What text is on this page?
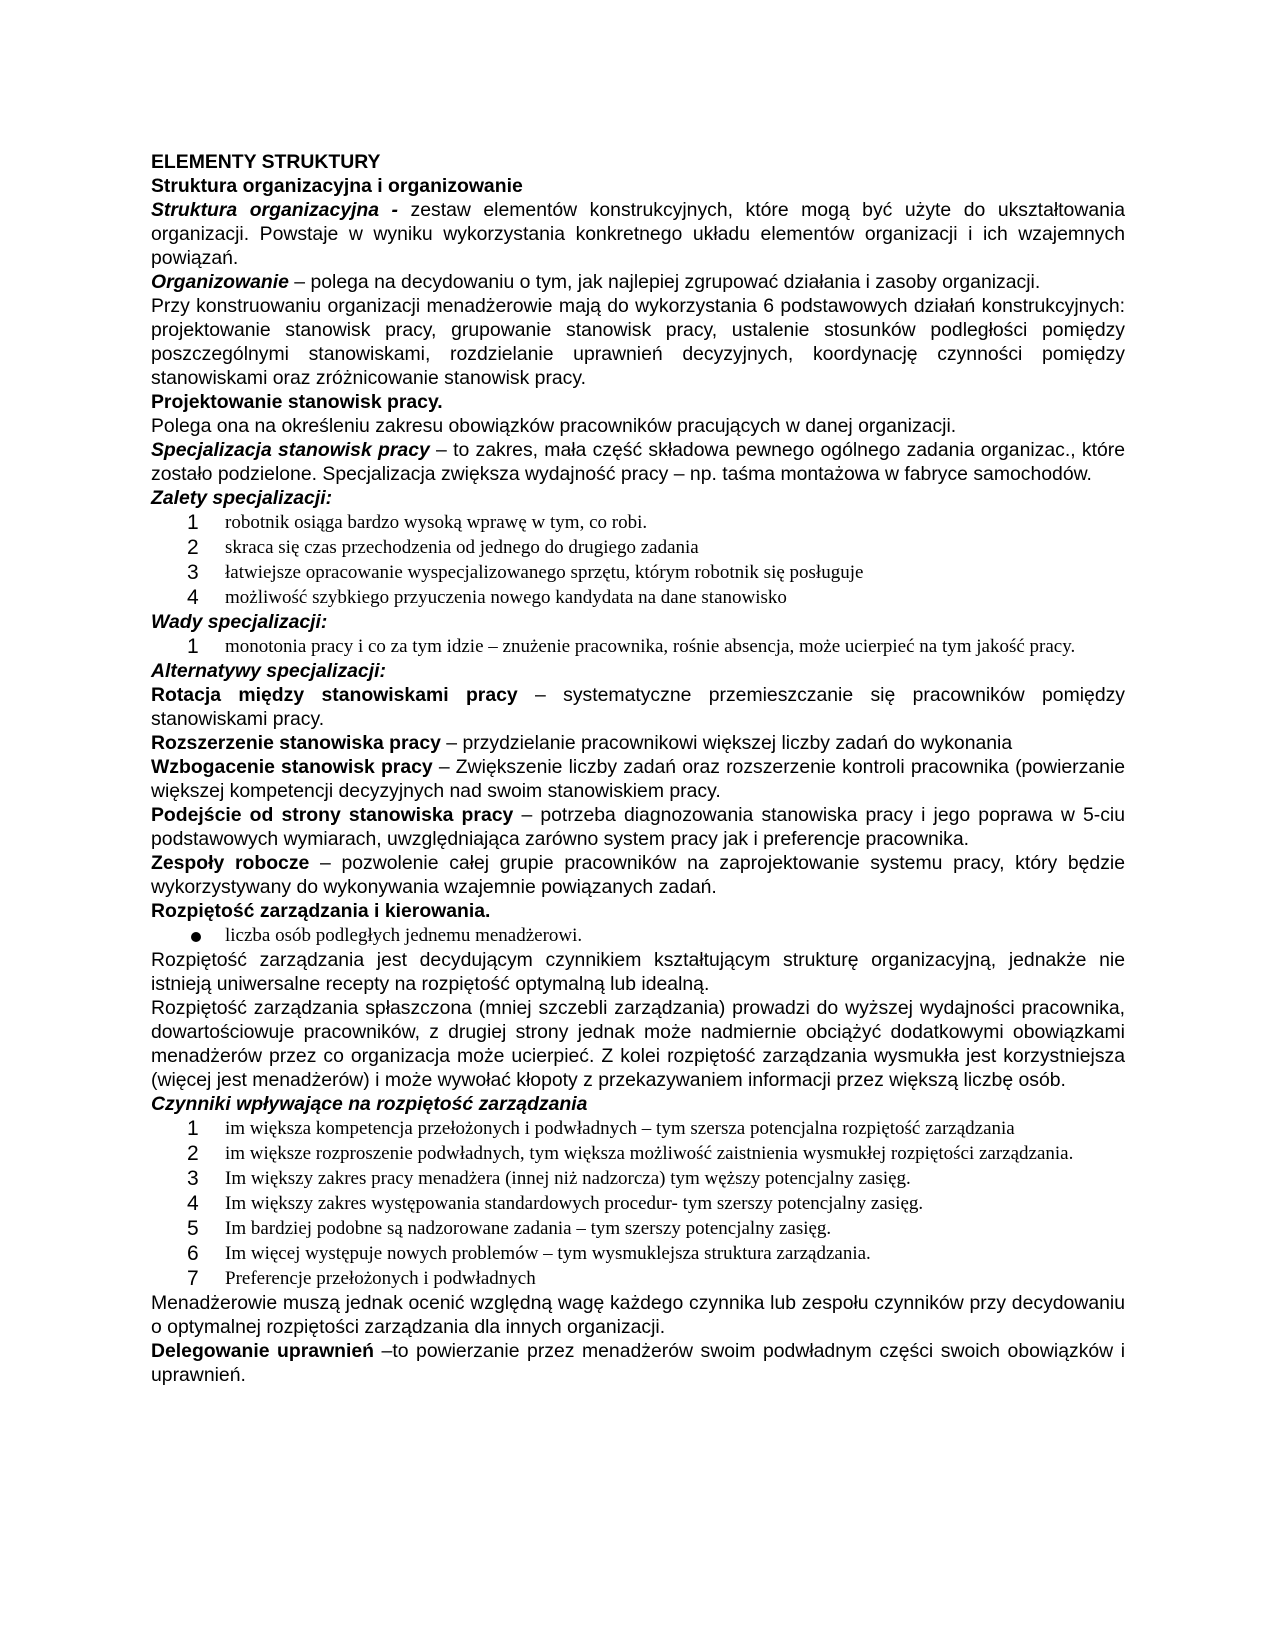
ELEMENTY STRUKTURY

Struktura organizacyjna i organizowanie

Struktura organizacyjna - zestaw elementów konstrukcyjnych, które mogą być użyte do ukształtowania organizacji. Powstaje w wyniku wykorzystania konkretnego układu elementów organizacji i ich wzajemnych powiązań.

Organizowanie – polega na decydowaniu o tym, jak najlepiej zgrupować działania i zasoby organizacji.

Przy konstruowaniu organizacji menadżerowie mają do wykorzystania 6 podstawowych działań konstrukcyjnych: projektowanie stanowisk pracy, grupowanie stanowisk pracy, ustalenie stosunków podległości pomiędzy poszczególnymi stanowiskami, rozdzielanie uprawnień decyzyjnych, koordynację czynności pomiędzy stanowiskami oraz zróżnicowanie stanowisk pracy.

Projektowanie stanowisk pracy.

Polega ona na określeniu zakresu obowiązków pracowników pracujących w danej organizacji.

Specjalizacja stanowisk pracy – to zakres, mała część składowa pewnego ogólnego zadania organizac., które zostało podzielone. Specjalizacja zwiększa wydajność pracy – np. taśma montażowa w fabryce samochodów.

Zalety specjalizacji:

1 robotnik osiąga bardzo wysoką wprawę w tym, co robi.
2 skraca się czas przechodzenia od jednego do drugiego zadania
3 łatwiejsze opracowanie wyspecjalizowanego sprzętu, którym robotnik się posługuje
4 możliwość szybkiego przyuczenia nowego kandydata na dane stanowisko

Wady specjalizacji:

1 monotonia pracy i co za tym idzie – znużenie pracownika, rośnie absencja, może ucierpieć na tym jakość pracy.

Alternatywy specjalizacji:

Rotacja między stanowiskami pracy – systematyczne przemieszczanie się pracowników pomiędzy stanowiskami pracy.

Rozszerzenie stanowiska pracy – przydzielanie pracownikowi większej liczby zadań do wykonania

Wzbogacenie stanowisk pracy – Zwiększenie liczby zadań oraz rozszerzenie kontroli pracownika (powierzanie większej kompetencji decyzyjnych nad swoim stanowiskiem pracy.

Podejście od strony stanowiska pracy – potrzeba diagnozowania stanowiska pracy i jego poprawa w 5-ciu podstawowych wymiarach, uwzględniająca zarówno system pracy jak i preferencje pracownika.

Zespoły robocze – pozwolenie całej grupie pracowników na zaprojektowanie systemu pracy, który będzie wykorzystywany do wykonywania wzajemnie powiązanych zadań.

Rozpiętość zarządzania i kierowania.

liczba osób podległych jednemu menadżerowi.

Rozpiętość zarządzania jest decydującym czynnikiem kształtującym strukturę organizacyjną, jednakże nie istnieją uniwersalne recepty na rozpiętość optymalną lub idealną.

Rozpiętość zarządzania spłaszczona (mniej szczebli zarządzania) prowadzi do wyższej wydajności pracownika, dowartościowuje pracowników, z drugiej strony jednak może nadmiernie obciążyć dodatkowymi obowiązkami menadżerów przez co organizacja może ucierpieć. Z kolei rozpiętość zarządzania wysmukła jest korzystniejsza (więcej jest menadżerów) i może wywołać kłopoty z przekazywaniem informacji przez większą liczbę osób.

Czynniki wpływające na rozpiętość zarządzania

1 im większa kompetencja przełożonych i podwładnych – tym szersza potencjalna rozpiętość zarządzania
2 im większe rozproszenie podwładnych, tym większa możliwość zaistnienia wysmukłej rozpiętości zarządzania.
3 Im większy zakres pracy menadżera (innej niż nadzorcza) tym węższy potencjalny zasięg.
4 Im większy zakres występowania standardowych procedur- tym szerszy potencjalny zasięg.
5 Im bardziej podobne są nadzorowane zadania – tym szerszy potencjalny zasięg.
6 Im więcej występuje nowych problemów – tym wysmuklejsza struktura zarządzania.
7 Preferencje przełożonych i podwładnych

Menadżerowie muszą jednak ocenić względną wagę każdego czynnika lub zespołu czynników przy decydowaniu o optymalnej rozpiętości zarządzania dla innych organizacji.

Delegowanie uprawnień –to powierzanie przez menadżerów swoim podwładnym części swoich obowiązków i uprawnień.
